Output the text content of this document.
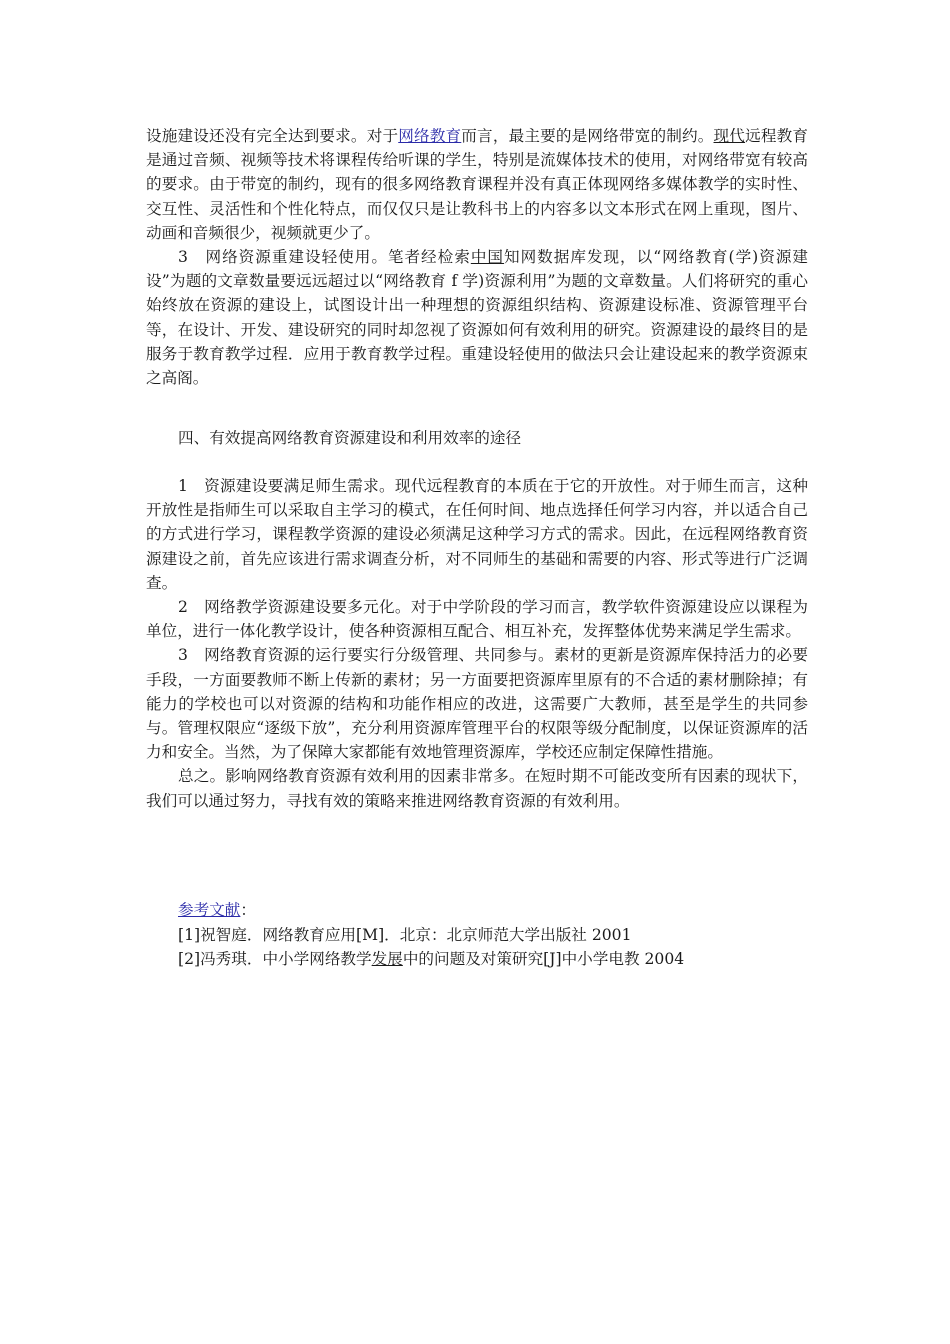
设施建设还没有完全达到要求。对于网络教育而言，最主要的是网络带宽的制约。现代远程教育是通过音频、视频等技术将课程传给听课的学生，特别是流媒体技术的使用，对网络带宽有较高的要求。由于带宽的制约，现有的很多网络教育课程并没有真正体现网络多媒体教学的实时性、交互性、灵活性和个性化特点，而仅仅只是让教科书上的内容多以文本形式在网上重现，图片、动画和音频很少，视频就更少了。

3　网络资源重建设轻使用。笔者经检索中国知网数据库发现，以“网络教育(学)资源建设”为题的文章数量要远远超过以“网络教育 f 学)资源利用”为题的文章数量。人们将研究的重心始终放在资源的建设上，试图设计出一种理想的资源组织结构、资源建设标准、资源管理平台等，在设计、开发、建设研究的同时却忽视了资源如何有效利用的研究。资源建设的最终目的是服务于教育教学过程．应用于教育教学过程。重建设轻使用的做法只会让建设起来的教学资源束之高阁。

四、有效提高网络教育资源建设和利用效率的途径

1　资源建设要满足师生需求。现代远程教育的本质在于它的开放性。对于师生而言，这种开放性是指师生可以采取自主学习的模式，在任何时间、地点选择任何学习内容，并以适合自己的方式进行学习，课程教学资源的建设必须满足这种学习方式的需求。因此，在远程网络教育资源建设之前，首先应该进行需求调查分析，对不同师生的基础和需要的内容、形式等进行广泛调查。

2　网络教学资源建设要多元化。对于中学阶段的学习而言，教学软件资源建设应以课程为单位，进行一体化教学设计，使各种资源相互配合、相互补充，发挥整体优势来满足学生需求。

3　网络教育资源的运行要实行分级管理、共同参与。素材的更新是资源库保持活力的必要手段，一方面要教师不断上传新的素材；另一方面要把资源库里原有的不合适的素材删除掉；有能力的学校也可以对资源的结构和功能作相应的改进，这需要广大教师，甚至是学生的共同参与。管理权限应“逐级下放”，充分利用资源库管理平台的权限等级分配制度，以保证资源库的活力和安全。当然，为了保障大家都能有效地管理资源库，学校还应制定保障性措施。

总之。影响网络教育资源有效利用的因素非常多。在短时期不可能改变所有因素的现状下，我们可以通过努力，寻找有效的策略来推进网络教育资源的有效利用。

参考文献：
[1]祝智庭．网络教育应用[M]．北京：北京师范大学出版社 2001
[2]冯秀琪．中小学网络教学发展中的问题及对策研究[J]中小学电教 2004
